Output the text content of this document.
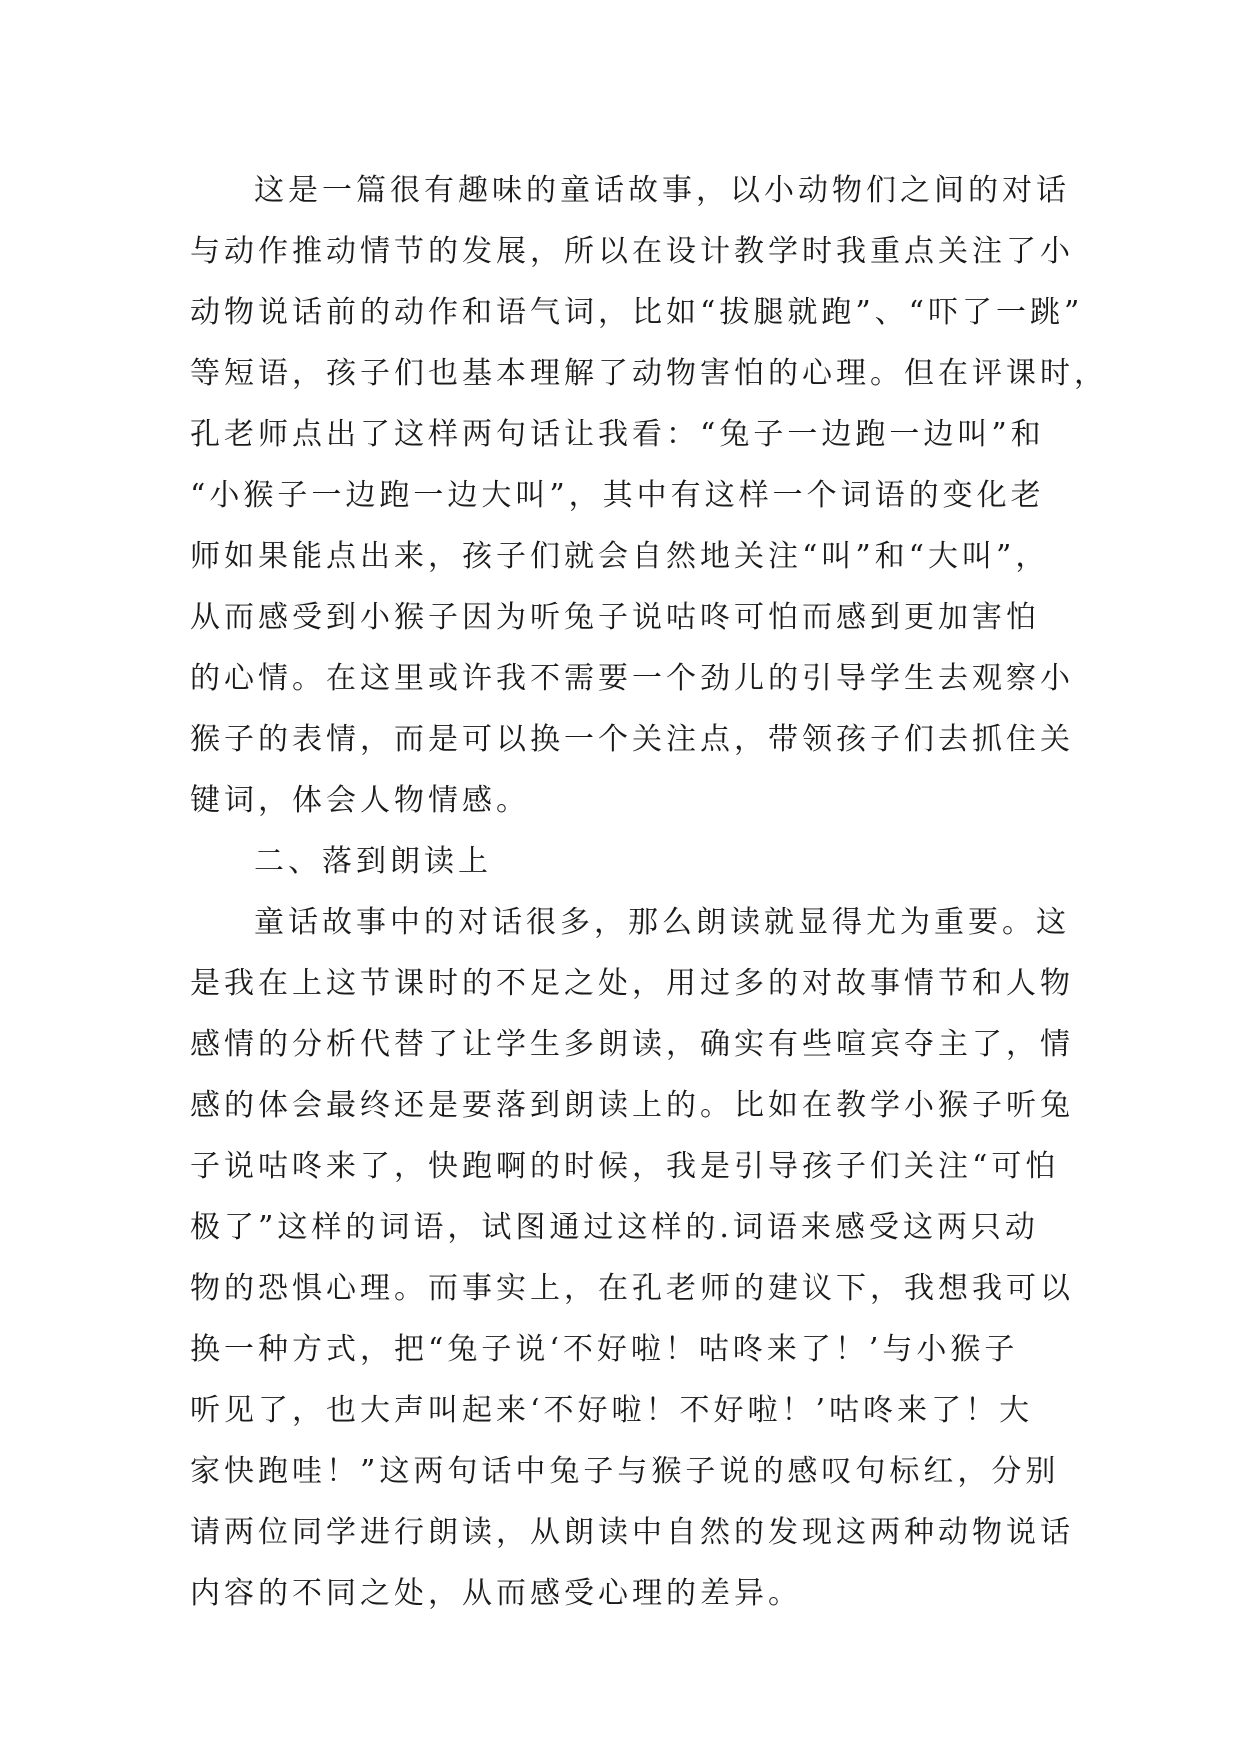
这是一篇很有趣味的童话故事，以小动物们之间的对话
与动作推动情节的发展，所以在设计教学时我重点关注了小
动物说话前的动作和语气词，比如“拔腿就跑”、“吓了一跳”
等短语，孩子们也基本理解了动物害怕的心理。但在评课时，
孔老师点出了这样两句话让我看：“兔子一边跑一边叫”和
“小猴子一边跑一边大叫”，其中有这样一个词语的变化老
师如果能点出来，孩子们就会自然地关注“叫”和“大叫”，
从而感受到小猴子因为听兔子说咕咚可怕而感到更加害怕
的心情。在这里或许我不需要一个劲儿的引导学生去观察小
猴子的表情，而是可以换一个关注点，带领孩子们去抓住关
键词，体会人物情感。
二、落到朗读上
童话故事中的对话很多，那么朗读就显得尤为重要。这
是我在上这节课时的不足之处，用过多的对故事情节和人物
感情的分析代替了让学生多朗读，确实有些喧宾夺主了，情
感的体会最终还是要落到朗读上的。比如在教学小猴子听兔
子说咕咚来了，快跑啊的时候，我是引导孩子们关注“可怕
极了”这样的词语，试图通过这样的.词语来感受这两只动
物的恐惧心理。而事实上，在孔老师的建议下，我想我可以
换一种方式，把“兔子说‘不好啦！咕咚来了！’与小猴子
听见了，也大声叫起来‘不好啦！不好啦！’咕咚来了！大
家快跑哇！”这两句话中兔子与猴子说的感叹句标红，分别
请两位同学进行朗读，从朗读中自然的发现这两种动物说话
内容的不同之处，从而感受心理的差异。
